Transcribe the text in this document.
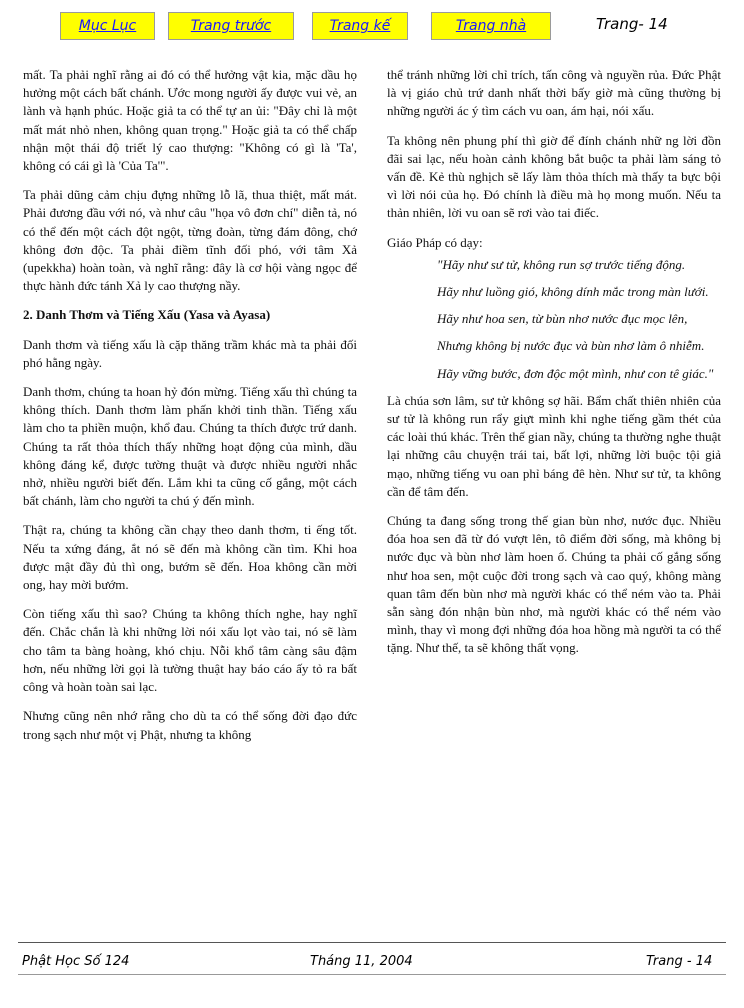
Mục Lục	Trang trước	Trang kế	Trang nhà	Trang- 14

mất. Ta phải nghĩ rằng ai đó có thể hưởng vật kia, mặc dầu họ hưởng một cách bất chánh. Ước mong người ấy được vui vẻ, an lành và hạnh phúc. Hoặc giả ta có thể tự an ủi: "Đây chỉ là một mất mát nhỏ nhen, không quan trọng." Hoặc giả ta có thể chấp nhận một thái độ triết lý cao thượng: "Không có gì là 'Ta', không có cái gì là 'Của Ta'".

Ta phải dũng cảm chịu đựng những lỗ lã, thua thiệt, mất mát. Phải đương đầu với nó, và như câu "họa vô đơn chí" diễn tả, nó có thể đến một cách đột ngột, từng đoàn, từng đám đông, chớ không đơn độc. Ta phải điềm tĩnh đối phó, với tâm Xả (upekkha) hoàn toàn, và nghĩ rằng: đây là cơ hội vàng ngọc để thực hành đức tánh Xả ly cao thượng nầy.

2. Danh Thơm và Tiếng Xấu (Yasa và Ayasa)

Danh thơm và tiếng xấu là cặp thăng trầm khác mà ta phải đối phó hằng ngày.

Danh thơm, chúng ta hoan hỷ đón mừng. Tiếng xấu thì chúng ta không thích. Danh thơm làm phấn khởi tinh thần. Tiếng xấu làm cho ta phiền muộn, khổ đau. Chúng ta thích được trứ danh. Chúng ta rất thỏa thích thấy những hoạt động của mình, dầu không đáng kể, được tường thuật và được nhiều người nhắc nhở, nhiều người biết đến. Lắm khi ta cũng cố gắng, một cách bất chánh, làm cho người ta chú ý đến mình.

Thật ra, chúng ta không cần chạy theo danh thơm, ti ếng tốt. Nếu ta xứng đáng, ắt nó sẽ đến mà không cần tìm. Khi hoa được mật đầy đủ thì ong, bướm sẽ đến. Hoa không cần mời ong, hay mời bướm.

Còn tiếng xấu thì sao? Chúng ta không thích nghe, hay nghĩ đến. Chắc chắn là khi những lời nói xấu lọt vào tai, nó sẽ làm cho tâm ta bàng hoàng, khó chịu. Nỗi khổ tâm càng sâu đậm hơn, nếu những lời gọi là tường thuật hay báo cáo ấy tỏ ra bất công và hoàn toàn sai lạc.

Nhưng cũng nên nhớ rằng cho dù ta có thể sống đời đạo đức trong sạch như một vị Phật, nhưng ta không

thể tránh những lời chỉ trích, tấn công và nguyền rủa. Đức Phật là vị giáo chủ trứ danh nhất thời bấy giờ mà cũng thường bị những người ác ý tìm cách vu oan, ám hại, nói xấu.

Ta không nên phung phí thì giờ để đính chánh nhữ ng lời đồn đãi sai lạc, nếu hoàn cảnh không bắt buộc ta phải làm sáng tỏ vấn đề. Kẻ thù nghịch sẽ lấy làm thỏa thích mà thấy ta bực bội vì lời nói của họ. Đó chính là điều mà họ mong muốn. Nếu ta thản nhiên, lời vu oan sẽ rơi vào tai điếc.

Giáo Pháp có dạy:

"Hãy như sư tử, không run sợ trước tiếng động.

Hãy như luồng gió, không dính mắc trong màn lưới.

Hãy như hoa sen, từ bùn nhơ nước đục mọc lên,

Nhưng không bị nước đục và bùn nhơ làm ô nhiễm.

Hãy vững bước, đơn độc một mình, như con tê giác."

Là chúa sơn lâm, sư tử không sợ hãi. Bẩm chất thiên nhiên của sư tử là không run rẩy giựt mình khi nghe tiếng gầm thét của các loài thú khác. Trên thế gian nầy, chúng ta thường nghe thuật lại những câu chuyện trái tai, bất lợi, những lời buộc tội giả mạo, những tiếng vu oan phỉ báng đê hèn. Như sư tử, ta không cần để tâm đến.

Chúng ta đang sống trong thế gian bùn nhơ, nước đục. Nhiều đóa hoa sen đã từ đó vượt lên, tô điểm đời sống, mà không bị nước đục và bùn nhơ làm hoen ố. Chúng ta phải cố gắng sống như hoa sen, một cuộc đời trong sạch và cao quý, không màng quan tâm đến bùn nhơ mà người khác có thể ném vào ta. Phải sẵn sàng đón nhận bùn nhơ, mà người khác có thể ném vào mình, thay vì mong đợi những đóa hoa hồng mà người ta có thể tặng. Như thế, ta sẽ không thất vọng.

Phật Học Số 124	Tháng 11, 2004	Trang - 14
